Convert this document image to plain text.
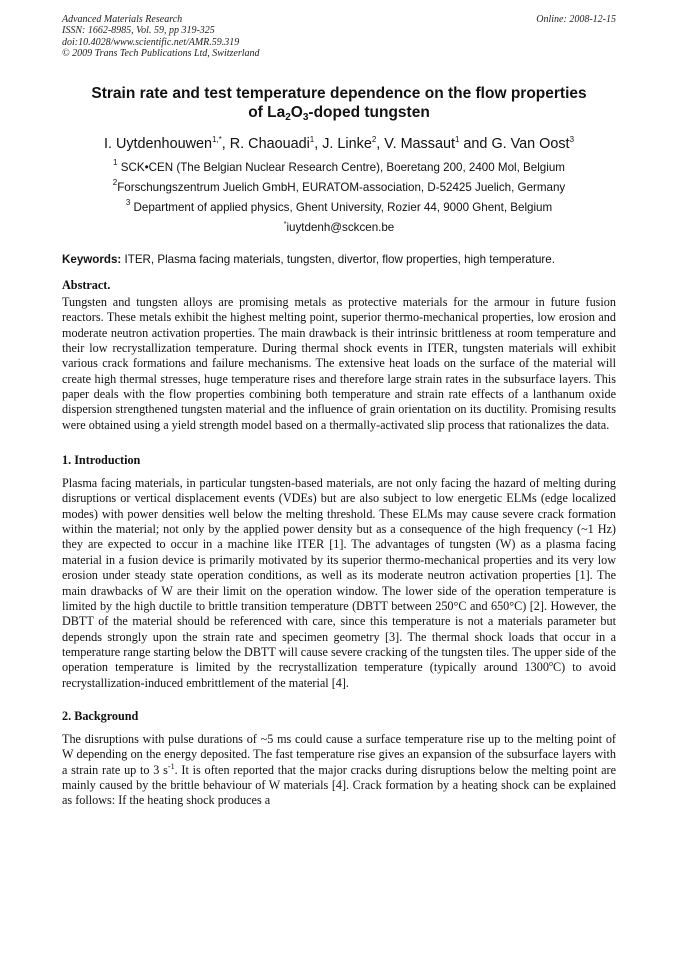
Advanced Materials Research
ISSN: 1662-8985, Vol. 59, pp 319-325
doi:10.4028/www.scientific.net/AMR.59.319
© 2009 Trans Tech Publications Ltd, Switzerland
Online: 2008-12-15
Strain rate and test temperature dependence on the flow properties
of $La_2O_3$-doped tungsten
I. Uytdenhouwen$^{1,*}$, R. Chaouadi$^1$, J. Linke$^2$, V. Massaut$^1$ and G. Van Oost$^3$
$^1$ SCK•CEN (The Belgian Nuclear Research Centre), Boeretang 200, 2400 Mol, Belgium
$^2$Forschungszentrum Juelich GmbH, EURATOM-association, D-52425 Juelich, Germany
$^3$ Department of applied physics, Ghent University, Rozier 44, 9000 Ghent, Belgium
*iuytdenh@sckcen.be
Keywords: ITER, Plasma facing materials, tungsten, divertor, flow properties, high temperature.
Abstract.

Tungsten and tungsten alloys are promising metals as protective materials for the armour in future fusion reactors. These metals exhibit the highest melting point, superior thermo-mechanical properties, low erosion and moderate neutron activation properties. The main drawback is their intrinsic brittleness at room temperature and their low recrystallization temperature. During thermal shock events in ITER, tungsten materials will exhibit various crack formations and failure mechanisms. The extensive heat loads on the surface of the material will create high thermal stresses, huge temperature rises and therefore large strain rates in the subsurface layers. This paper deals with the flow properties combining both temperature and strain rate effects of a lanthanum oxide dispersion strengthened tungsten material and the influence of grain orientation on its ductility. Promising results were obtained using a yield strength model based on a thermally-activated slip process that rationalizes the data.

1. Introduction

Plasma facing materials, in particular tungsten-based materials, are not only facing the hazard of melting during disruptions or vertical displacement events (VDEs) but are also subject to low energetic ELMs (edge localized modes) with power densities well below the melting threshold. These ELMs may cause severe crack formation within the material; not only by the applied power density but as a consequence of the high frequency (~1 Hz) they are expected to occur in a machine like ITER [1]. The advantages of tungsten (W) as a plasma facing material in a fusion device is primarily motivated by its superior thermo-mechanical properties and its very low erosion under steady state operation conditions, as well as its moderate neutron activation properties [1]. The main drawbacks of W are their limit on the operation window. The lower side of the operation temperature is limited by the high ductile to brittle transition temperature (DBTT between 250°C and 650°C) [2]. However, the DBTT of the material should be referenced with care, since this temperature is not a materials parameter but depends strongly upon the strain rate and specimen geometry [3]. The thermal shock loads that occur in a temperature range starting below the DBTT will cause severe cracking of the tungsten tiles. The upper side of the operation temperature is limited by the recrystallization temperature (typically around 1300$^o$C) to avoid recrystallization-induced embrittlement of the material [4].

2. Background

The disruptions with pulse durations of ~5 ms could cause a surface temperature rise up to the melting point of W depending on the energy deposited. The fast temperature rise gives an expansion of the subsurface layers with a strain rate up to 3 $s^{-1}$. It is often reported that the major cracks during disruptions below the melting point are mainly caused by the brittle behaviour of W materials [4]. Crack formation by a heating shock can be explained as follows: If the heating shock produces a
